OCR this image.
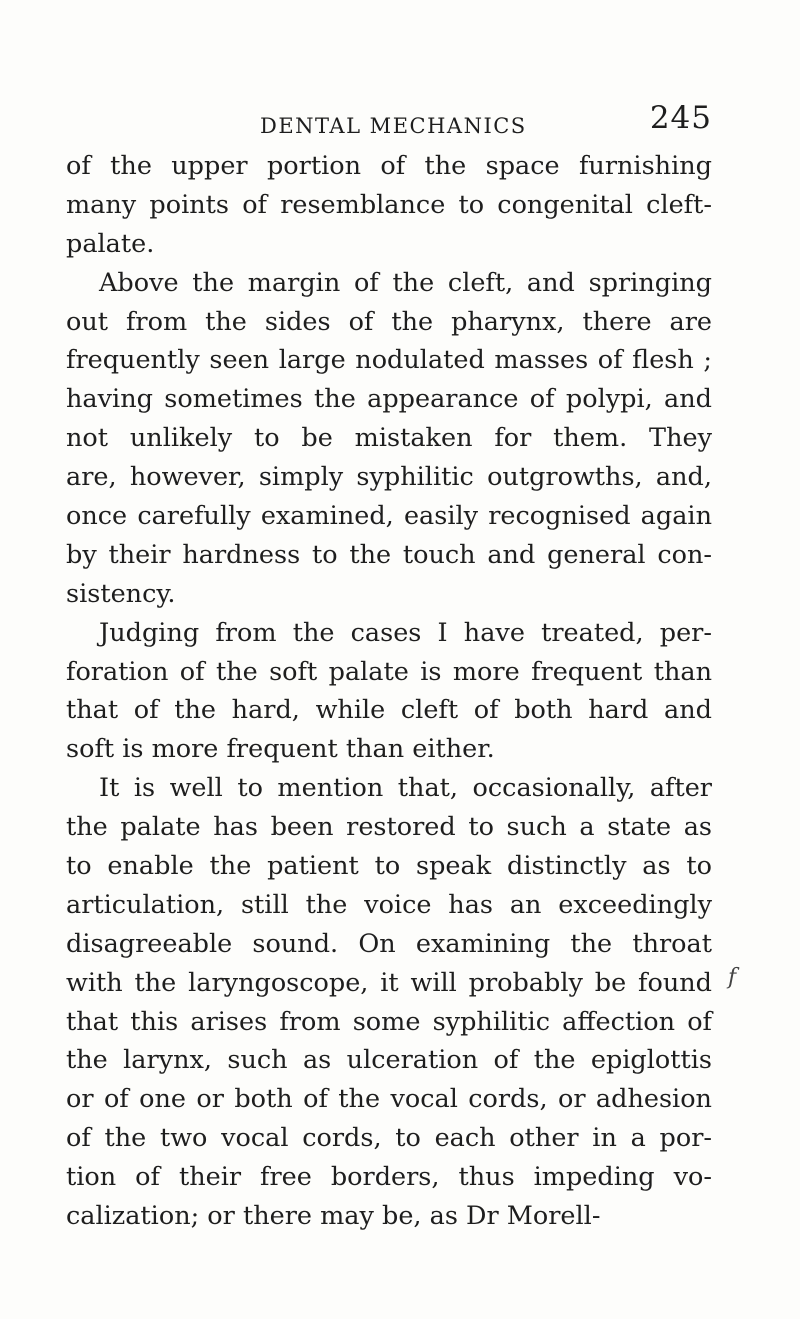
DENTAL MECHANICS	245
of the upper portion of the space furnishing
many points of resemblance to congenital cleft-
palate.
Above the margin of the cleft, and springing
out from the sides of the pharynx, there are
frequently seen large nodulated masses of flesh ;
having sometimes the appearance of polypi, and
not unlikely to be mistaken for them. They
are, however, simply syphilitic outgrowths, and,
once carefully examined, easily recognised again
by their hardness to the touch and general con-
sistency.
Judging from the cases I have treated, per-
foration of the soft palate is more frequent than
that of the hard, while cleft of both hard and
soft is more frequent than either.
It is well to mention that, occasionally, after
the palate has been restored to such a state as
to enable the patient to speak distinctly as to
articulation, still the voice has an exceedingly
disagreeable sound. On examining the throat
with the laryngoscope, it will probably be found
that this arises from some syphilitic affection of
the larynx, such as ulceration of the epiglottis
or of one or both of the vocal cords, or adhesion
of the two vocal cords, to each other in a por-
tion of their free borders, thus impeding vo-
calization; or there may be, as Dr Morell-
f
